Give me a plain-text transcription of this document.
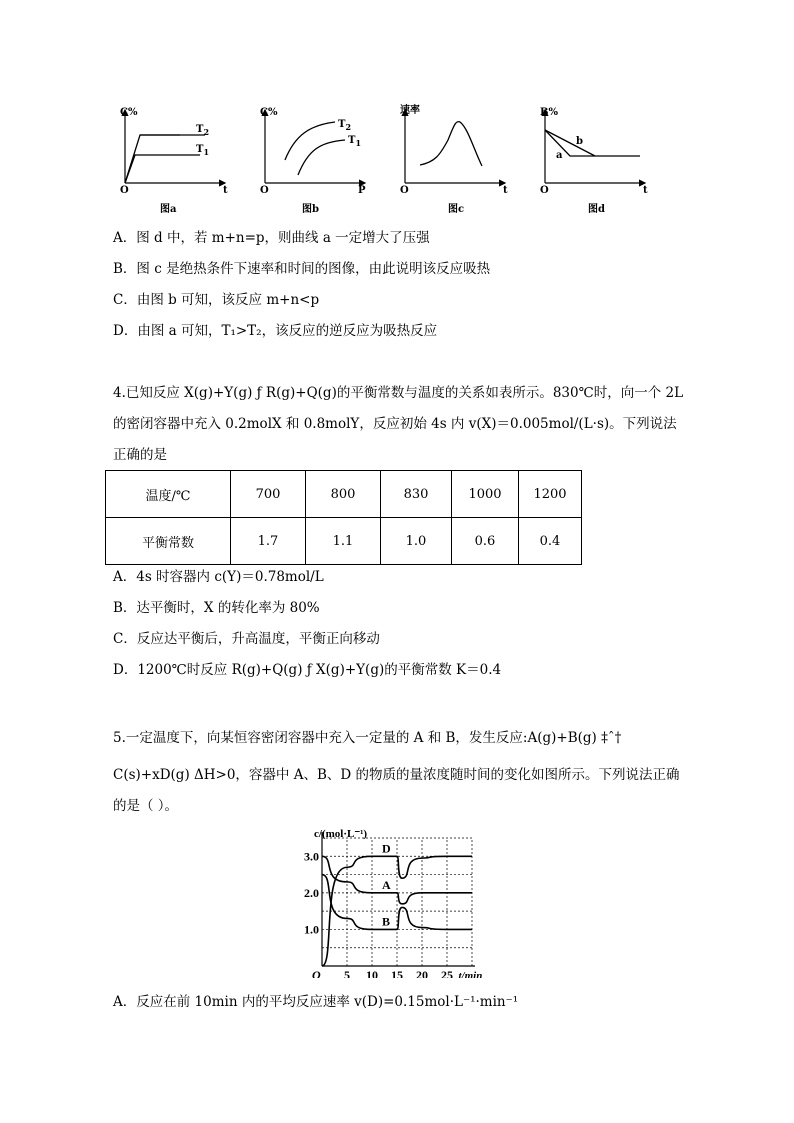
C%
O	t
$T_2$
$T_1$
C%
O	P
$T_2$
$T_1$
速率
O	t
B%
O	t
a
b
图a	图b	图c	图d
A．图 d 中，若 m+n=p，则曲线 a 一定增大了压强
B．图 c 是绝热条件下速率和时间的图像，由此说明该反应吸热
C．由图 b 可知，该反应 m+n<p
D．由图 a 可知，T₁>T₂，该反应的逆反应为吸热反应
4.已知反应 X(g)+Y(g) ƒ R(g)+Q(g)的平衡常数与温度的关系如表所示。830℃时，向一个 2L
的密闭容器中充入 0.2molX 和 0.8molY，反应初始 4s 内 v(X)＝0.005mol/(L·s)。下列说法
正确的是
温度/℃	700	800	830	1000	1200
平衡常数	1.7	1.1	1.0	0.6	0.4
A．4s 时容器内 c(Y)＝0.78mol/L
B．达平衡时，X 的转化率为 80%
C．反应达平衡后，升高温度，平衡正向移动
D．1200℃时反应 R(g)+Q(g) ƒ X(g)+Y(g)的平衡常数 K＝0.4
5.一定温度下，向某恒容密闭容器中充入一定量的 A 和 B，发生反应:A(g)+B(g) ‡ˆ†
C(s)+xD(g) ΔH>0，容器中 A、B、D 的物质的量浓度随时间的变化如图所示。下列说法正确
的是（ ）。
1.0
2.0
3.0
5 10 15 20 25
O	t/min
c/(mol·L⁻¹)
D
A
B
A．反应在前 10min 内的平均反应速率 v(D)=0.15mol·L⁻¹·min⁻¹
